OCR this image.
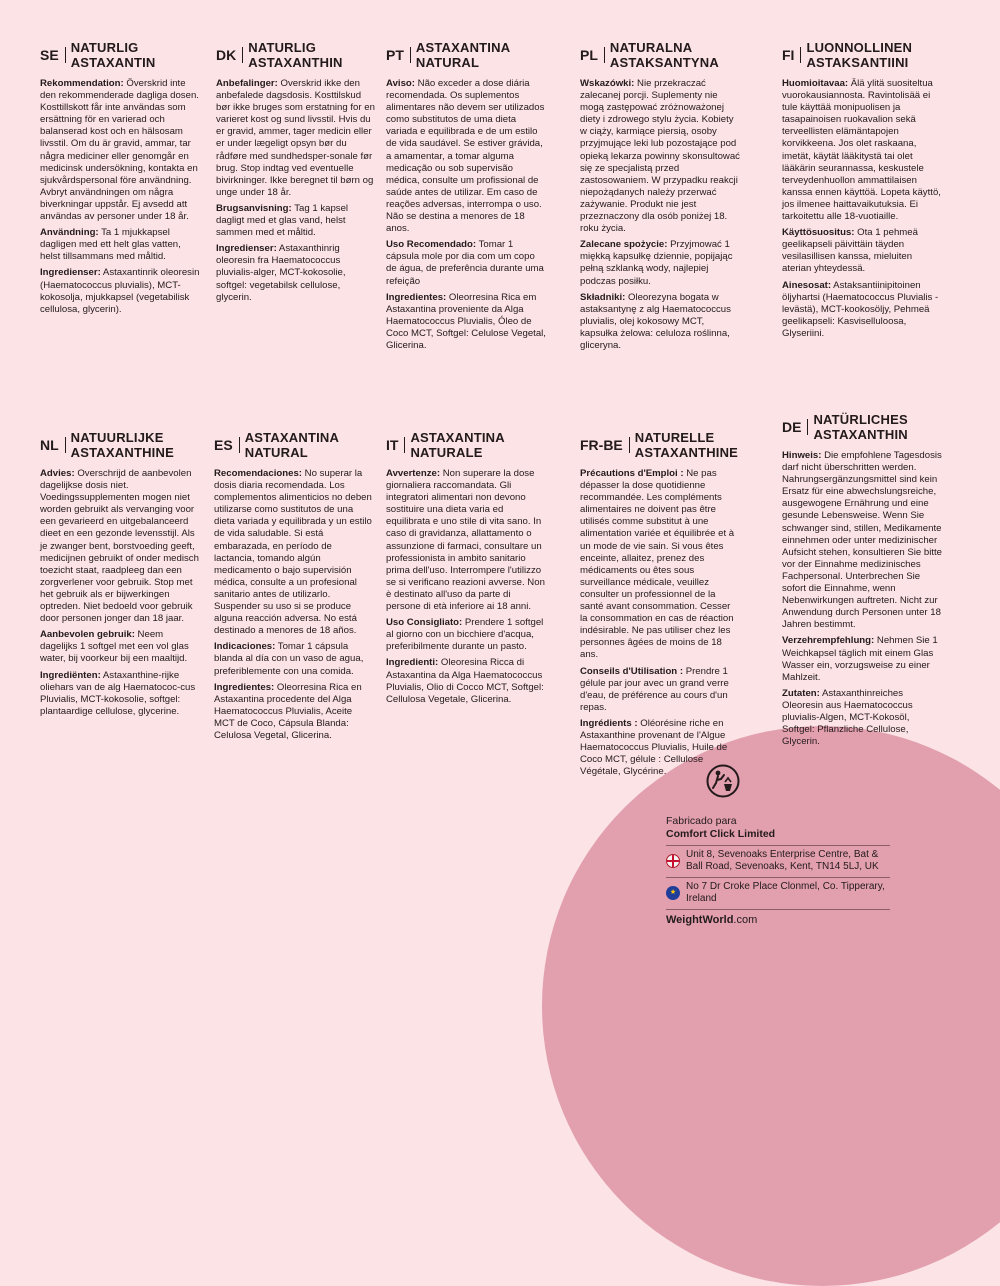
SE NATURLIG ASTAXANTIN

Rekommendation: Överskrid inte den rekommenderade dagliga dosen. Kosttillskott får inte användas som ersättning för en varierad och balanserad kost och en hälsosam livsstil. Om du är gravid, ammar, tar några mediciner eller genomgår en medicinsk undersökning, kontakta en sjukvårdspersonal före användning. Avbryt användningen om några biverkningar uppstår. Ej avsedd att användas av personer under 18 år.

Användning: Ta 1 mjukkapsel dagligen med ett helt glas vatten, helst tillsammans med måltid.

Ingredienser: Astaxantinrik oleoresin (Haematococcus pluvialis), MCT-kokosolja, mjukkapsel (vegetabilisk cellulosa, glycerin).

DK NATURLIG ASTAXANTHIN

Anbefalinger: Overskrid ikke den anbefalede dagsdosis. Kosttilskud bør ikke bruges som erstatning for en varieret kost og sund livsstil. Hvis du er gravid, ammer, tager medicin eller er under lægeligt opsyn bør du rådføre med sundhedsper-sonale før brug. Stop indtag ved eventuelle bivirkninger. Ikke beregnet til børn og unge under 18 år.

Brugsanvisning: Tag 1 kapsel dagligt med et glas vand, helst sammen med et måltid.

Ingredienser: Astaxanthinrig oleoresin fra Haematococcus pluvialis-alger, MCT-kokosolie, softgel: vegetabilsk cellulose, glycerin.

PT ASTAXANTINA NATURAL

Aviso: Não exceder a dose diária recomendada. Os suplementos alimentares não devem ser utilizados como substitutos de uma dieta variada e equilibrada e de um estilo de vida saudável. Se estiver grávida, a amamentar, a tomar alguma medicação ou sob supervisão médica, consulte um profissional de saúde antes de utilizar. Em caso de reações adversas, interrompa o uso. Não se destina a menores de 18 anos.

Uso Recomendado: Tomar 1 cápsula mole por dia com um copo de água, de preferência durante uma refeição

Ingredientes: Oleorresina Rica em Astaxantina proveniente da Alga Haematococcus Pluvialis, Óleo de Coco MCT, Softgel: Celulose Vegetal, Glicerina.

PL NATURALNA ASTAKSANTYNA

Wskazówki: Nie przekraczać zalecanej porcji. Suplementy nie mogą zastępować zróżnoważonej diety i zdrowego stylu życia. Kobiety w ciąży, karmiące piersią, osoby przyjmujące leki lub pozostające pod opieką lekarza powinny skonsultować się ze specjalistą przed zastosowaniem. W przypadku reakcji niepożądanych należy przerwać zażywanie. Produkt nie jest przeznaczony dla osób poniżej 18. roku życia.

Zalecane spożycie: Przyjmować 1 miękką kapsułkę dziennie, popijając pełną szklanką wody, najlepiej podczas posiłku.

Składniki: Oleorezyna bogata w astaksantynę z alg Haematococcus pluvialis, olej kokosowy MCT, kapsułka żelowa: celuloza roślinna, gliceryna.

FI LUONNOLLINEN ASTAKSANTIINI

Huomioitavaa: Älä ylitä suositeltua vuorokausiannosta. Ravintolisää ei tule käyttää monipuolisen ja tasapainoisen ruokavalion sekä terveellisten elämäntapojen korvikkeena. Jos olet raskaana, imetät, käytät lääkitystä tai olet lääkärin seurannassa, keskustele terveydenhuollon ammattilaisen kanssa ennen käyttöä. Lopeta käyttö, jos ilmenee haittavaikutuksia. Ei tarkoitettu alle 18-vuotiaille.

Käyttösuositus: Ota 1 pehmeä geelikapseli päivittäin täyden vesilasillisen kanssa, mieluiten aterian yhteydessä.

Ainesosat: Astaksantiinipitoinen öljyhartsi (Haematococcus Pluvialis -levästä), MCT-kookosöljy, Pehmeä geelikapseli: Kasviselluloosa, Glyseriini.

NL NATUURLIJKE ASTAXANTHINE

Advies: Overschrijd de aanbevolen dagelijkse dosis niet. Voedingssupplementen mogen niet worden gebruikt als vervanging voor een gevarieerd en uitgebalanceerd dieet en een gezonde levensstijl. Als je zwanger bent, borstvoeding geeft, medicijnen gebruikt of onder medisch toezicht staat, raadpleeg dan een zorgverlener voor gebruik. Stop met het gebruik als er bijwerkingen optreden. Niet bedoeld voor gebruik door personen jonger dan 18 jaar.

Aanbevolen gebruik: Neem dagelijks 1 softgel met een vol glas water, bij voorkeur bij een maaltijd.

Ingrediënten: Astaxanthine-rijke oliehars van de alg Haematococ-cus Pluvialis, MCT-kokosolie, softgel: plantaardige cellulose, glycerine.

ES ASTAXANTINA NATURAL

Recomendaciones: No superar la dosis diaria recomendada. Los complementos alimenticios no deben utilizarse como sustitutos de una dieta variada y equilibrada y un estilo de vida saludable. Si está embarazada, en período de lactancia, tomando algún medicamento o bajo supervisión médica, consulte a un profesional sanitario antes de utilizarlo. Suspender su uso si se produce alguna reacción adversa. No está destinado a menores de 18 años.

Indicaciones: Tomar 1 cápsula blanda al día con un vaso de agua, preferiblemente con una comida.

Ingredientes: Oleorresina Rica en Astaxantina procedente del Alga Haematococcus Pluvialis, Aceite MCT de Coco, Cápsula Blanda: Celulosa Vegetal, Glicerina.

IT ASTAXANTINA NATURALE

Avvertenze: Non superare la dose giornaliera raccomandata. Gli integratori alimentari non devono sostituire una dieta varia ed equilibrata e uno stile di vita sano. In caso di gravidanza, allattamento o assunzione di farmaci, consultare un professionista in ambito sanitario prima dell'uso. Interrompere l'utilizzo se si verificano reazioni avverse. Non è destinato all'uso da parte di persone di età inferiore ai 18 anni.

Uso Consigliato: Prendere 1 softgel al giorno con un bicchiere d'acqua, preferibilmente durante un pasto.

Ingredienti: Oleoresina Ricca di Astaxantina da Alga Haematococcus Pluvialis, Olio di Cocco MCT, Softgel: Cellulosa Vegetale, Glicerina.

FR-BE NATURELLE ASTAXANTHINE

Précautions d'Emploi : Ne pas dépasser la dose quotidienne recommandée. Les compléments alimentaires ne doivent pas être utilisés comme substitut à une alimentation variée et équilibrée et à un mode de vie sain. Si vous êtes enceinte, allaitez, prenez des médicaments ou êtes sous surveillance médicale, veuillez consulter un professionnel de la santé avant consommation. Cesser la consommation en cas de réaction indésirable. Ne pas utiliser chez les personnes âgées de moins de 18 ans.

Conseils d'Utilisation : Prendre 1 gélule par jour avec un grand verre d'eau, de préférence au cours d'un repas.

Ingrédients : Oléorésine riche en Astaxanthine provenant de l'Algue Haematococcus Pluvialis, Huile de Coco MCT, gélule : Cellulose Végétale, Glycérine.

DE NATÜRLICHES ASTAXANTHIN

Hinweis: Die empfohlene Tagesdosis darf nicht überschritten werden. Nahrungsergänzungsmittel sind kein Ersatz für eine abwechslungsreiche, ausgewogene Ernährung und eine gesunde Lebensweise. Wenn Sie schwanger sind, stillen, Medikamente einnehmen oder unter medizinischer Aufsicht stehen, konsultieren Sie bitte vor der Einnahme medizinisches Fachpersonal. Unterbrechen Sie sofort die Einnahme, wenn Nebenwirkungen auftreten. Nicht zur Anwendung durch Personen unter 18 Jahren bestimmt.

Verzehrempfehlung: Nehmen Sie 1 Weichkapsel täglich mit einem Glas Wasser ein, vorzugsweise zu einer Mahlzeit.

Zutaten: Astaxanthinreiches Oleoresin aus Haematococcus pluvialis-Algen, MCT-Kokosöl, Softgel: Pflanzliche Cellulose, Glycerin.

Fabricado para
Comfort Click Limited
Unit 8, Sevenoaks Enterprise Centre, Bat & Ball Road, Sevenoaks, Kent, TN14 5LJ, UK
★
No 7 Dr Croke Place Clonmel, Co. Tipperary, Ireland
WeightWorld.com
